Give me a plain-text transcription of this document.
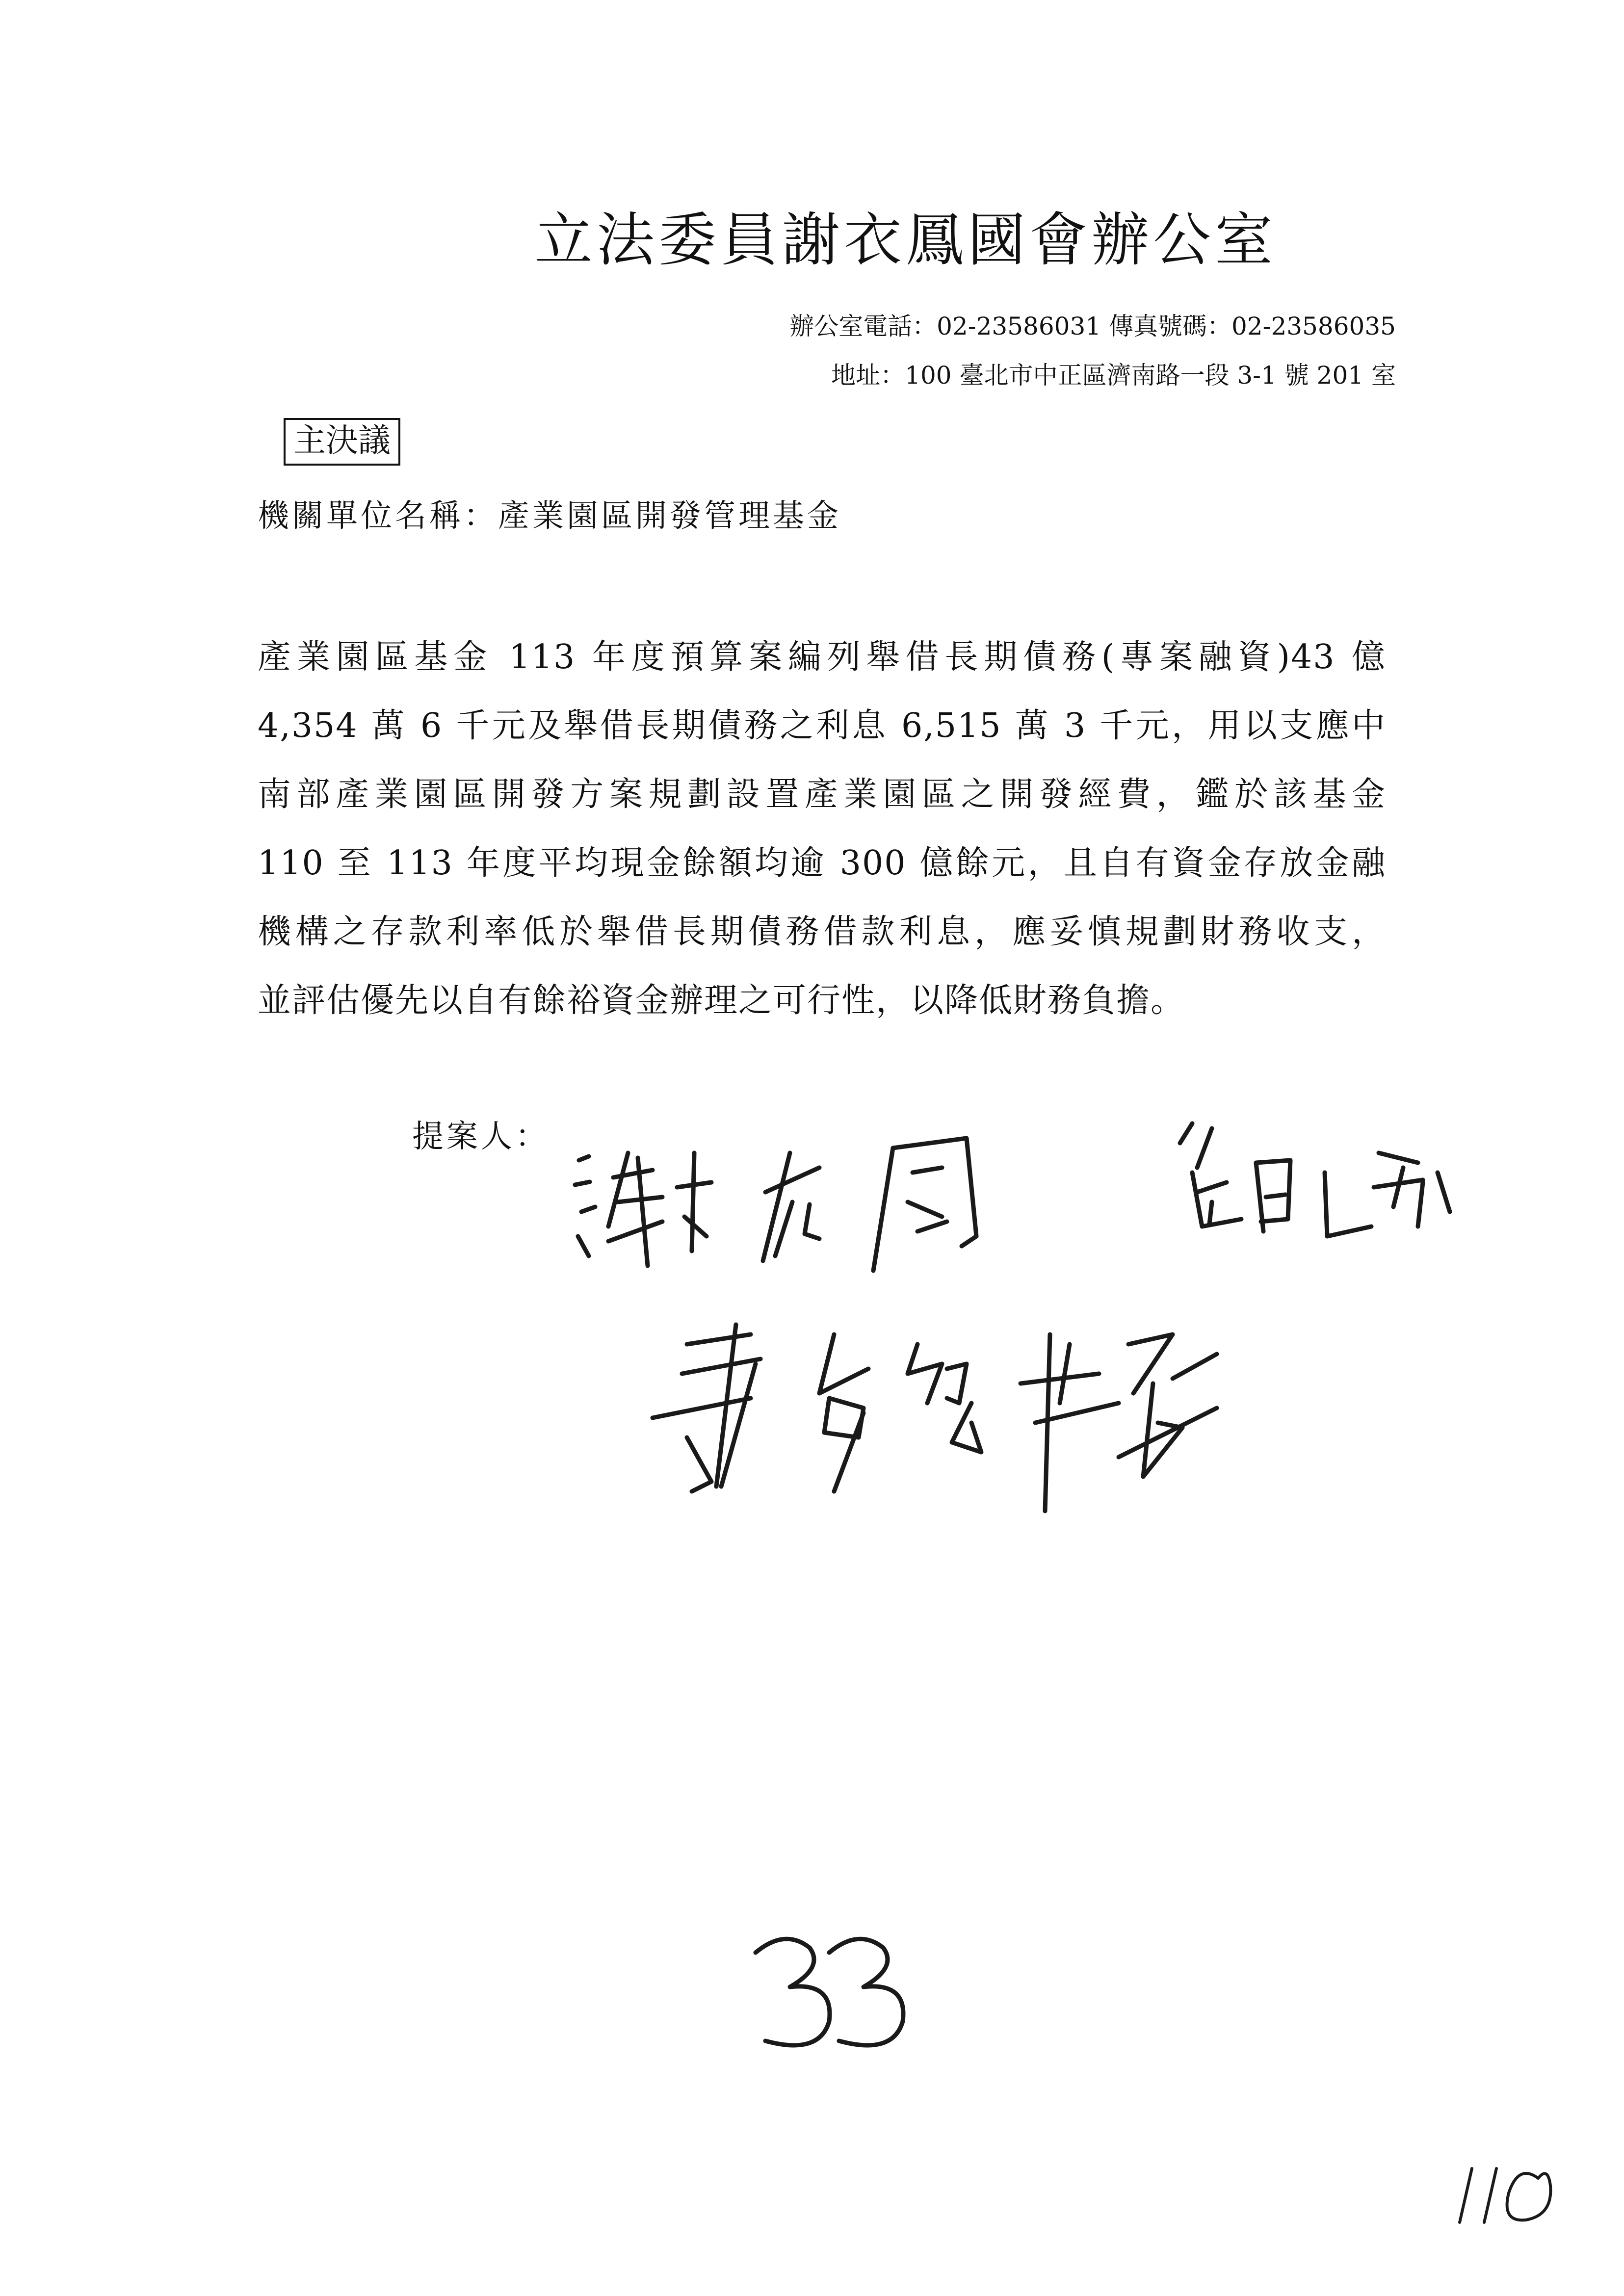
立法委員謝衣鳳國會辦公室
辦公室電話：02-23586031 傳真號碼：02-23586035
地址：100 臺北市中正區濟南路一段 3-1 號 201 室
主決議
機關單位名稱：產業園區開發管理基金
產業園區基金 113 年度預算案編列舉借長期債務(專案融資)43 億
4,354 萬 6 千元及舉借長期債務之利息 6,515 萬 3 千元，用以支應中
南部產業園區開發方案規劃設置產業園區之開發經費，鑑於該基金
110 至 113 年度平均現金餘額均逾 300 億餘元，且自有資金存放金融
機構之存款利率低於舉借長期債務借款利息，應妥慎規劃財務收支，
並評估優先以自有餘裕資金辦理之可行性，以降低財務負擔。
提案人：
